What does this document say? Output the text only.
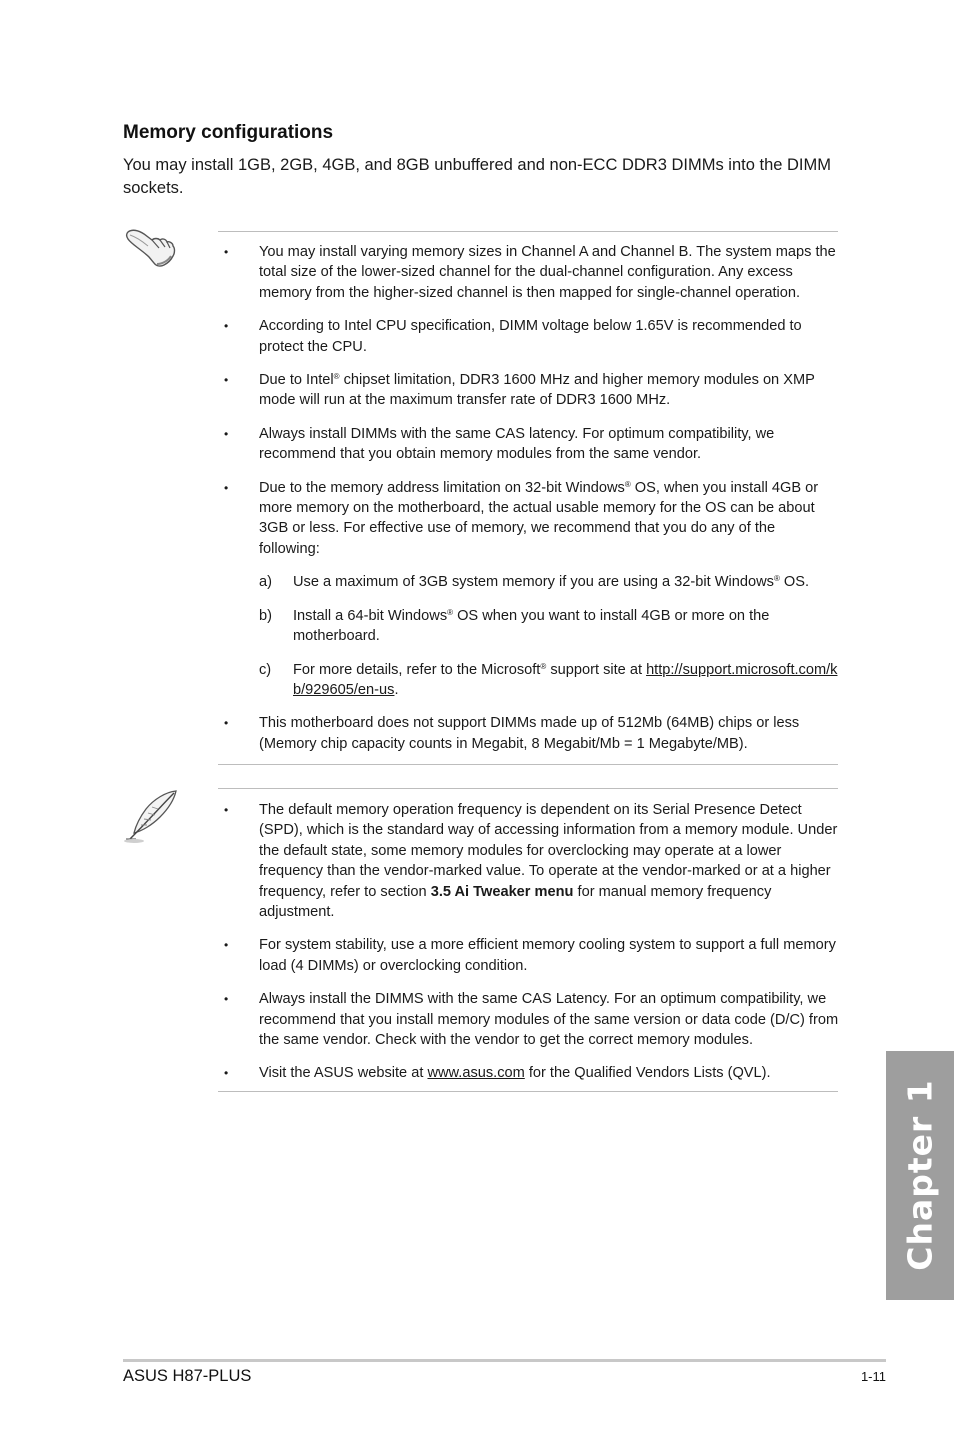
Memory configurations
You may install 1GB, 2GB, 4GB, and 8GB unbuffered and non-ECC DDR3 DIMMs into the DIMM sockets.
• You may install varying memory sizes in Channel A and Channel B. The system maps the total size of the lower-sized channel for the dual-channel configuration. Any excess memory from the higher-sized channel is then mapped for single-channel operation.
• According to Intel CPU specification, DIMM voltage below 1.65V is recommended to protect the CPU.
• Due to Intel® chipset limitation, DDR3 1600 MHz and higher memory modules on XMP mode will run at the maximum transfer rate of DDR3 1600 MHz.
• Always install DIMMs with the same CAS latency. For optimum compatibility, we recommend that you obtain memory modules from the same vendor.
• Due to the memory address limitation on 32-bit Windows® OS, when you install 4GB or more memory on the motherboard, the actual usable memory for the OS can be about 3GB or less. For effective use of memory, we recommend that you do any of the following:
a) Use a maximum of 3GB system memory if you are using a 32-bit Windows® OS.
b) Install a 64-bit Windows® OS when you want to install 4GB or more on the motherboard.
c) For more details, refer to the Microsoft® support site at http://support.microsoft.com/kb/929605/en-us.
• This motherboard does not support DIMMs made up of 512Mb (64MB) chips or less (Memory chip capacity counts in Megabit, 8 Megabit/Mb = 1 Megabyte/MB).
• The default memory operation frequency is dependent on its Serial Presence Detect (SPD), which is the standard way of accessing information from a memory module. Under the default state, some memory modules for overclocking may operate at a lower frequency than the vendor-marked value. To operate at the vendor-marked or at a higher frequency, refer to section 3.5 Ai Tweaker menu for manual memory frequency adjustment.
• For system stability, use a more efficient memory cooling system to support a full memory load (4 DIMMs) or overclocking condition.
• Always install the DIMMS with the same CAS Latency. For an optimum compatibility, we recommend that you install memory modules of the same version or data code (D/C) from the same vendor. Check with the vendor to get the correct memory modules.
• Visit the ASUS website at www.asus.com for the Qualified Vendors Lists (QVL).
Chapter 1
ASUS H87-PLUS	1-11
